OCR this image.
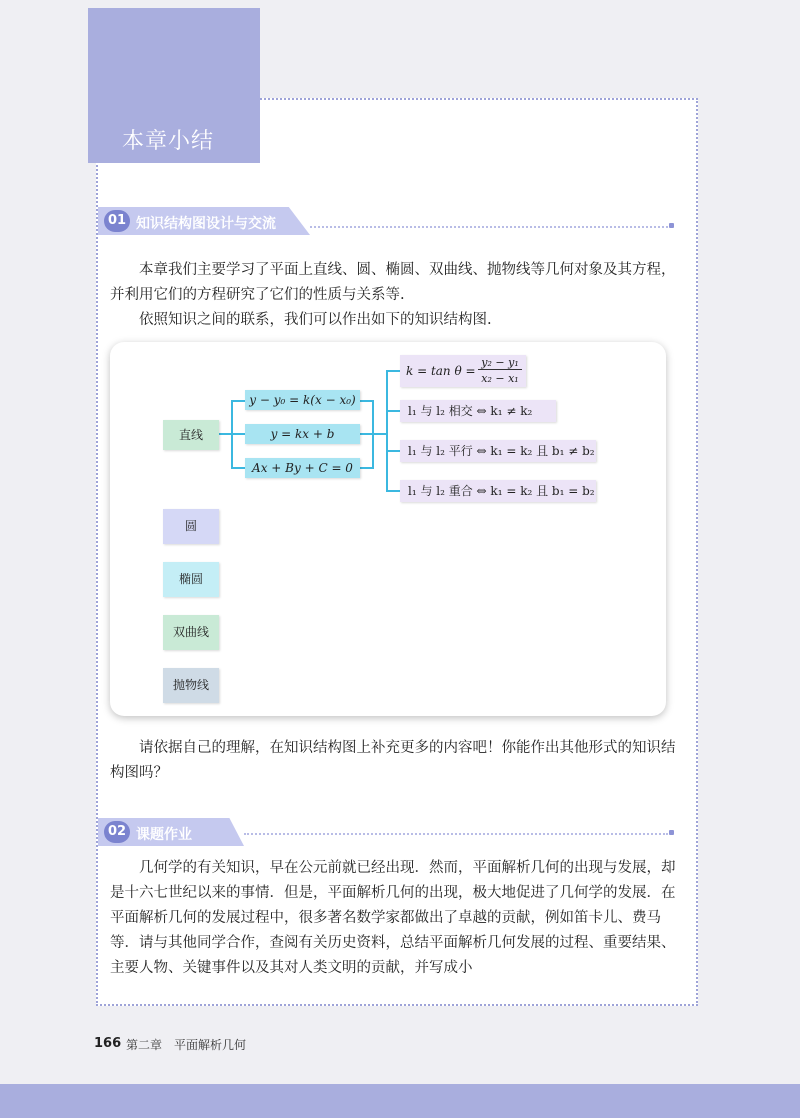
本章小结
01 知识结构图设计与交流

本章我们主要学习了平面上直线、圆、椭圆、双曲线、抛物线等几何对象及其方程，并利用它们的方程研究了它们的性质与关系等.

依照知识之间的联系，我们可以作出如下的知识结构图.

直线
y − y₀ = k(x − x₀)
y = kx + b
Ax + By + C = 0
k = tan θ =
y₂ − y₁
x₂ − x₁
l₁ 与 l₂ 相交 ⇔ k₁ ≠ k₂
l₁ 与 l₂ 平行 ⇔ k₁ = k₂ 且 b₁ ≠ b₂
l₁ 与 l₂ 重合 ⇔ k₁ = k₂ 且 b₁ = b₂
圆
椭圆
双曲线
抛物线

请依据自己的理解，在知识结构图上补充更多的内容吧！你能作出其他形式的知识结构图吗？

02 课题作业

几何学的有关知识，早在公元前就已经出现．然而，平面解析几何的出现与发展，却是十六七世纪以来的事情．但是，平面解析几何的出现，极大地促进了几何学的发展．在平面解析几何的发展过程中，很多著名数学家都做出了卓越的贡献，例如笛卡儿、费马等．请与其他同学合作，查阅有关历史资料，总结平面解析几何发展的过程、重要结果、主要人物、关键事件以及其对人类文明的贡献，并写成小

166 第二章　平面解析几何
